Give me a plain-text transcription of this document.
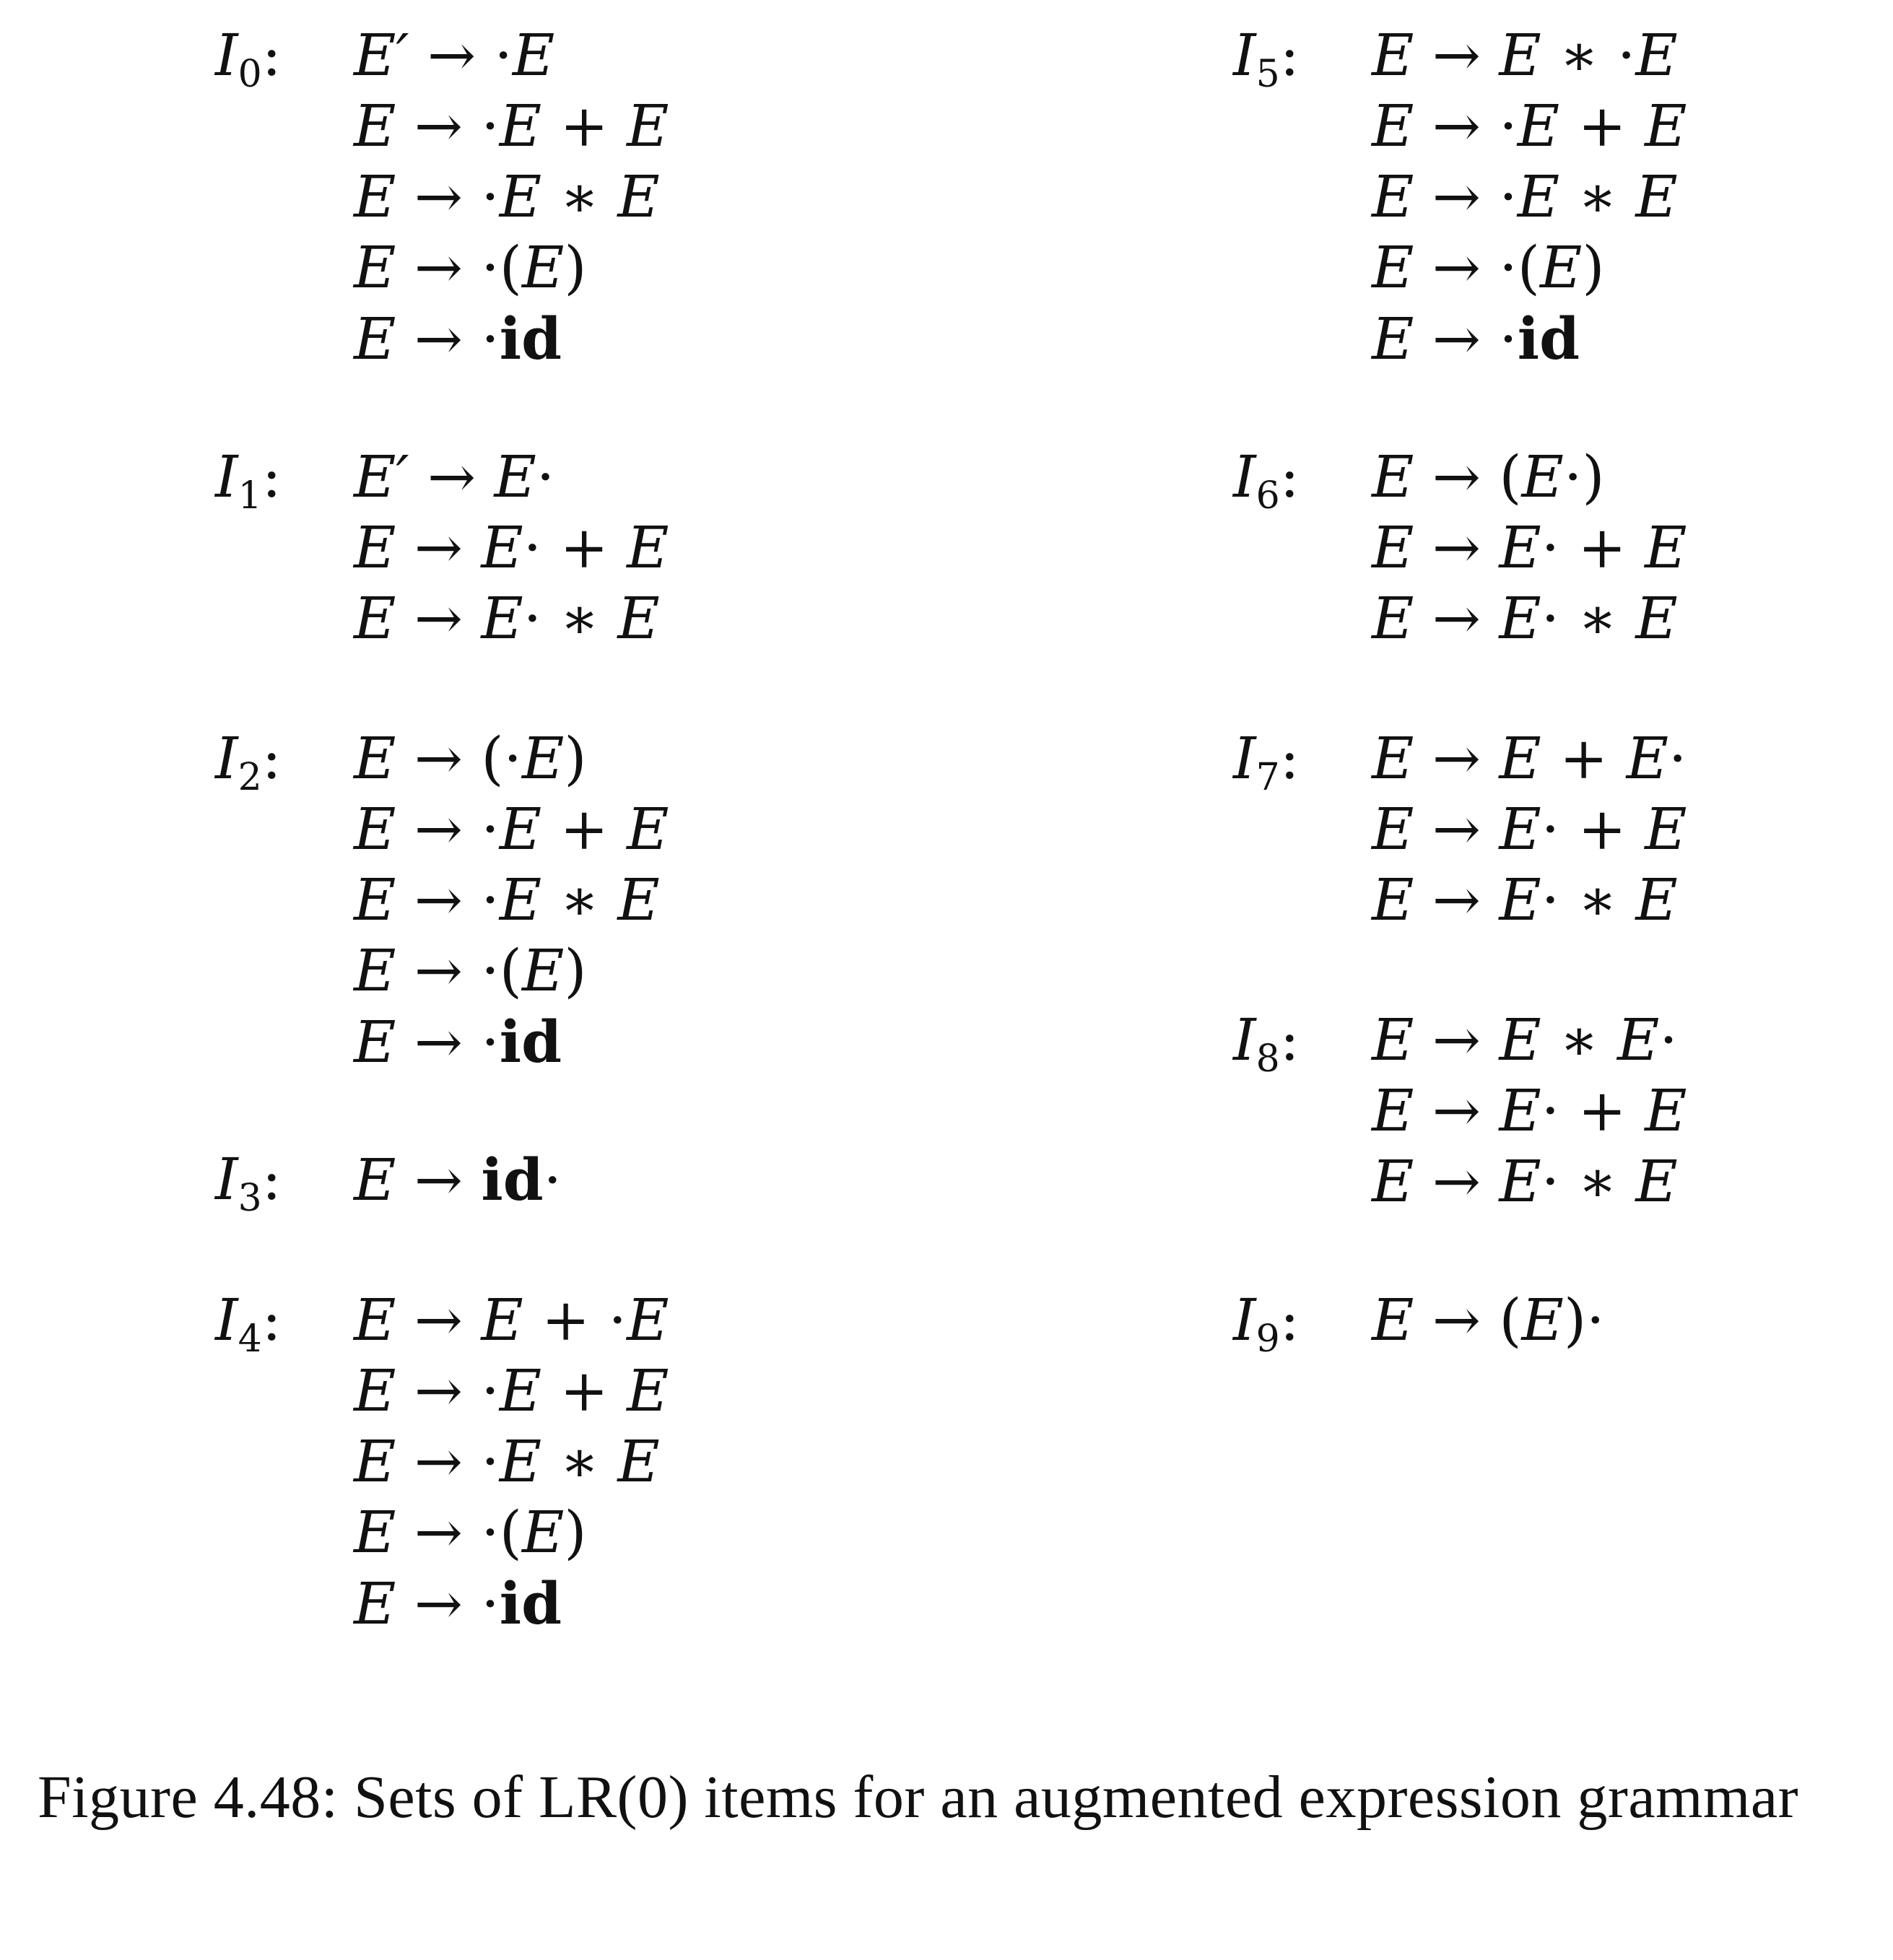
$I_0$: E′ → ·E
E → ·E + E
E → ·E ∗ E
E → ·(E)
E → ·id
$I_1$: E′ → E·
E → E· + E
E → E· ∗ E
$I_2$: E → (·E)
E → ·E + E
E → ·E ∗ E
E → ·(E)
E → ·id
$I_3$: E → id·
$I_4$: E → E + ·E
E → ·E + E
E → ·E ∗ E
E → ·(E)
E → ·id
$I_5$: E → E ∗ ·E
E → ·E + E
E → ·E ∗ E
E → ·(E)
E → ·id
$I_6$: E → (E·)
E → E· + E
E → E· ∗ E
$I_7$: E → E + E·
E → E· + E
E → E· ∗ E
$I_8$: E → E ∗ E·
E → E· + E
E → E· ∗ E
$I_9$: E → (E)·
Figure 4.48: Sets of LR(0) items for an augmented expression grammar
